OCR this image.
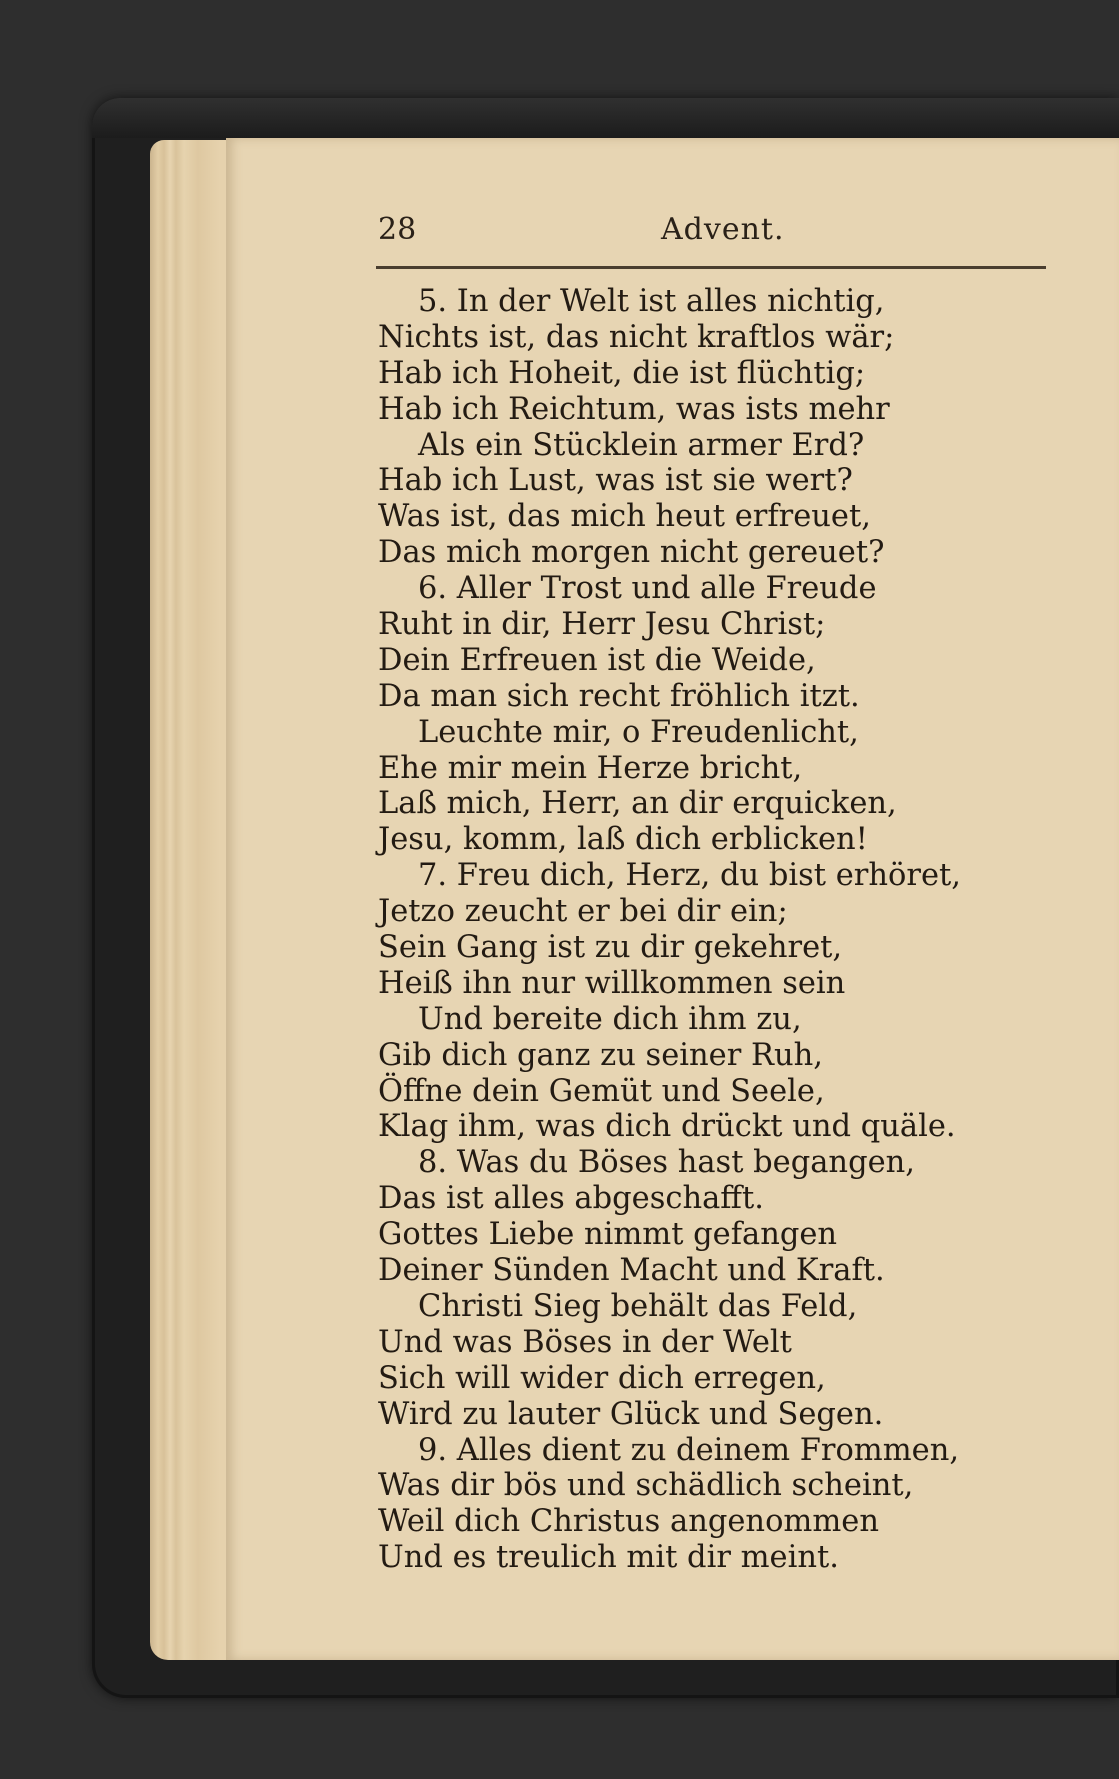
28	Advent.
5. In der Welt ist alles nichtig,
Nichts ist, das nicht kraftlos wär;
Hab ich Hoheit, die ist flüchtig;
Hab ich Reichtum, was ists mehr
Als ein Stücklein armer Erd?
Hab ich Lust, was ist sie wert?
Was ist, das mich heut erfreuet,
Das mich morgen nicht gereuet?
6. Aller Trost und alle Freude
Ruht in dir, Herr Jesu Christ;
Dein Erfreuen ist die Weide,
Da man sich recht fröhlich itzt.
Leuchte mir, o Freudenlicht,
Ehe mir mein Herze bricht,
Laß mich, Herr, an dir erquicken,
Jesu, komm, laß dich erblicken!
7. Freu dich, Herz, du bist erhöret,
Jetzo zeucht er bei dir ein;
Sein Gang ist zu dir gekehret,
Heiß ihn nur willkommen sein
Und bereite dich ihm zu,
Gib dich ganz zu seiner Ruh,
Öffne dein Gemüt und Seele,
Klag ihm, was dich drückt und quäle.
8. Was du Böses hast begangen,
Das ist alles abgeschafft.
Gottes Liebe nimmt gefangen
Deiner Sünden Macht und Kraft.
Christi Sieg behält das Feld,
Und was Böses in der Welt
Sich will wider dich erregen,
Wird zu lauter Glück und Segen.
9. Alles dient zu deinem Frommen,
Was dir bös und schädlich scheint,
Weil dich Christus angenommen
Und es treulich mit dir meint.
